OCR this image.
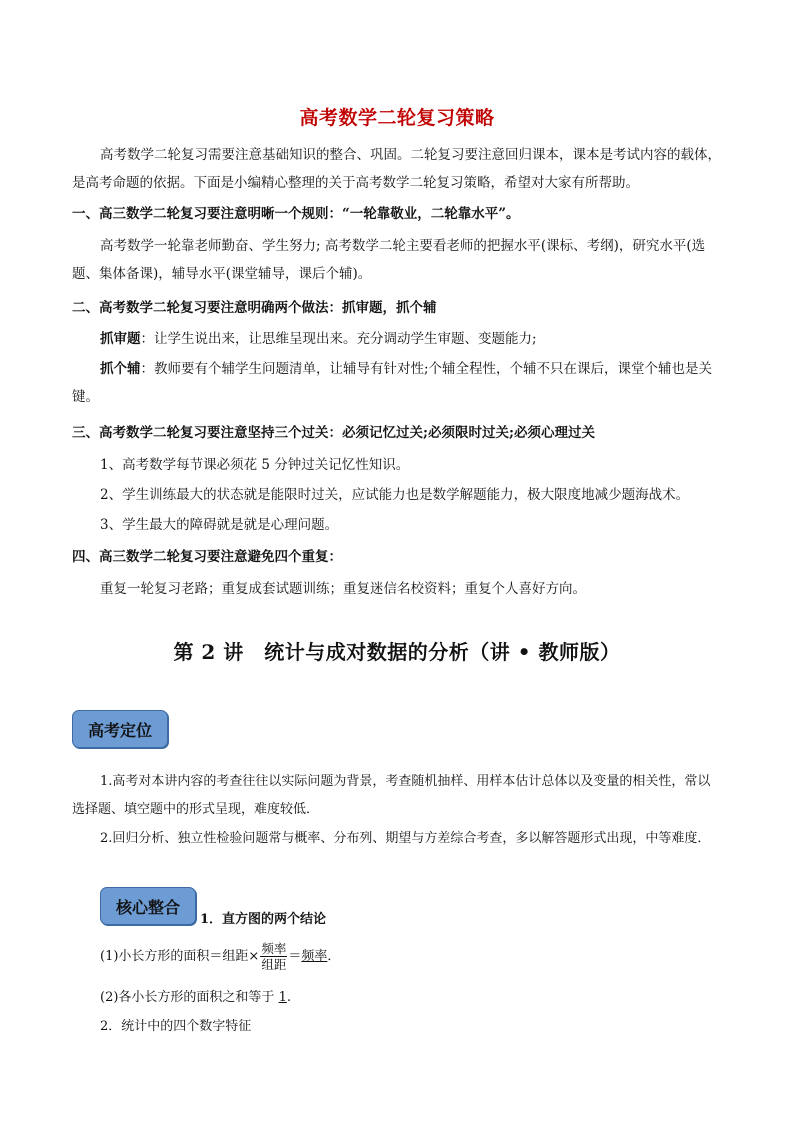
高考数学二轮复习策略
高考数学二轮复习需要注意基础知识的整合、巩固。二轮复习要注意回归课本，课本是考试内容的载体，是高考命题的依据。下面是小编精心整理的关于高考数学二轮复习策略，希望对大家有所帮助。
一、高三数学二轮复习要注意明晰一个规则：“一轮靠敬业，二轮靠水平”。
高考数学一轮靠老师勤奋、学生努力; 高考数学二轮主要看老师的把握水平(课标、考纲)，研究水平(选题、集体备课)，辅导水平(课堂辅导，课后个辅)。
二、高考数学二轮复习要注意明确两个做法：抓审题，抓个辅
抓审题：让学生说出来，让思维呈现出来。充分调动学生审题、变题能力;
抓个辅：教师要有个辅学生问题清单，让辅导有针对性;个辅全程性，个辅不只在课后，课堂个辅也是关键。
三、高考数学二轮复习要注意坚持三个过关：必须记忆过关;必须限时过关;必须心理过关
1、高考数学每节课必须花 5 分钟过关记忆性知识。
2、学生训练最大的状态就是能限时过关，应试能力也是数学解题能力，极大限度地减少题海战术。
3、学生最大的障碍就是就是心理问题。
四、高三数学二轮复习要注意避免四个重复：
重复一轮复习老路；重复成套试题训练；重复迷信名校资料；重复个人喜好方向。
第 2 讲　统计与成对数据的分析（讲 • 教师版）
高考定位
1.高考对本讲内容的考查往往以实际问题为背景，考查随机抽样、用样本估计总体以及变量的相关性，常以选择题、填空题中的形式呈现，难度较低．
2.回归分析、独立性检验问题常与概率、分布列、期望与方差综合考查，多以解答题形式出现，中等难度．
核心整合
1．直方图的两个结论
(1)小长方形的面积＝组距× $\frac{\text{频率}}{\text{组距}}$ ＝频率．
(2)各小长方形的面积之和等于 1.
2．统计中的四个数字特征
